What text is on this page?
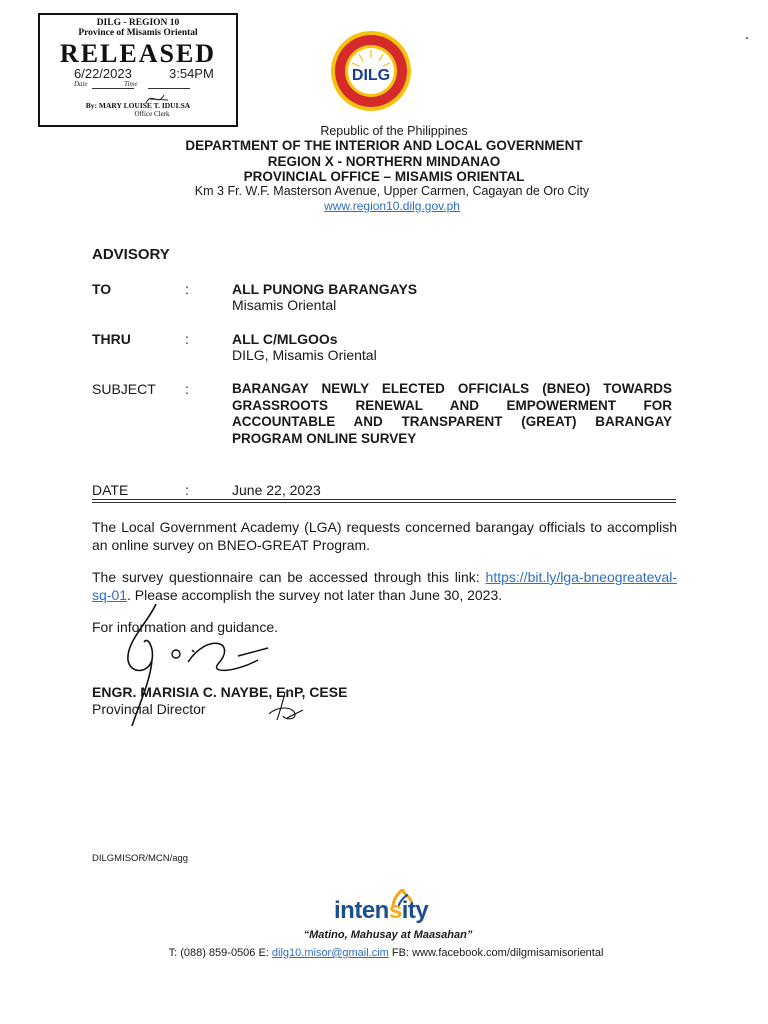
DILG - REGION 10
Province of Misamis Oriental
RELEASED
6/22/2023	3:54PM
Date	Time
By: MARY LOUISE T. IDULSA
Office Clerk
DILG
Republic of the Philippines
DEPARTMENT OF THE INTERIOR AND LOCAL GOVERNMENT
REGION X - NORTHERN MINDANAO
PROVINCIAL OFFICE – MISAMIS ORIENTAL
Km 3 Fr. W.F. Masterson Avenue, Upper Carmen, Cagayan de Oro City
www.region10.dilg.gov.ph
ADVISORY
TO	:	ALL PUNONG BARANGAYS
Misamis Oriental
THRU	:	ALL C/MLGOOs
DILG, Misamis Oriental
SUBJECT :	BARANGAY NEWLY ELECTED OFFICIALS (BNEO) TOWARDS GRASSROOTS RENEWAL AND EMPOWERMENT FOR ACCOUNTABLE AND TRANSPARENT (GREAT) BARANGAY PROGRAM ONLINE SURVEY

DATE	:	June 22, 2023

The Local Government Academy (LGA) requests concerned barangay officials to accomplish an online survey on BNEO-GREAT Program.

The survey questionnaire can be accessed through this link: https://bit.ly/lga-bneogreateval-sq-01. Please accomplish the survey not later than June 30, 2023.

For information and guidance.
ENGR. MARISIA C. NAYBE, EnP, CESE
Provincial Director
DILGMISOR/MCN/agg
intensity
“Matino, Mahusay at Maasahan”
T: (088) 859-0506 E: dilg10.misor@gmail.cim FB: www.facebook.com/dilgmisamisoriental
